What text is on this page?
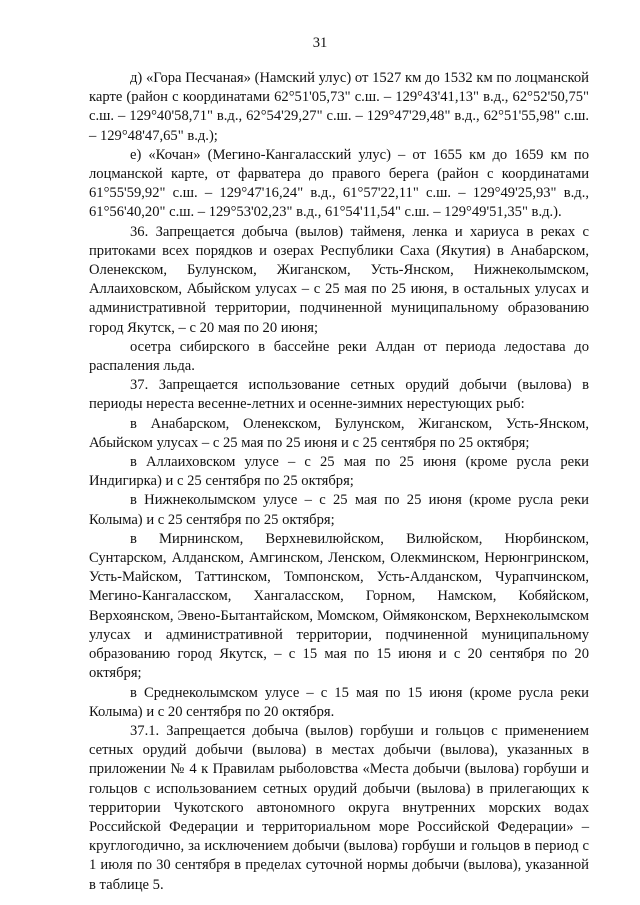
31

д) «Гора Песчаная» (Намский улус) от 1527 км до 1532 км по лоцманской карте (район с координатами 62°51'05,73" с.ш. – 129°43'41,13" в.д., 62°52'50,75" с.ш. – 129°40'58,71" в.д., 62°54'29,27" с.ш. – 129°47'29,48" в.д., 62°51'55,98" с.ш. – 129°48'47,65" в.д.);

е) «Кочан» (Мегино-Кангаласский улус) – от 1655 км до 1659 км по лоцманской карте, от фарватера до правого берега (район с координатами 61°55'59,92" с.ш. – 129°47'16,24" в.д., 61°57'22,11" с.ш. – 129°49'25,93" в.д., 61°56'40,20" с.ш. – 129°53'02,23" в.д., 61°54'11,54" с.ш. – 129°49'51,35" в.д.).

36. Запрещается добыча (вылов) тайменя, ленка и хариуса в реках с притоками всех порядков и озерах Республики Саха (Якутия) в Анабарском, Оленекском, Булунском, Жиганском, Усть-Янском, Нижнеколымском, Аллаиховском, Абыйском улусах – с 25 мая по 25 июня, в остальных улусах и административной территории, подчиненной муниципальному образованию город Якутск, – с 20 мая по 20 июня;

осетра сибирского в бассейне реки Алдан от периода ледостава до распаления льда.

37. Запрещается использование сетных орудий добычи (вылова) в периоды нереста весенне-летних и осенне-зимних нерестующих рыб:

в Анабарском, Оленекском, Булунском, Жиганском, Усть-Янском, Абыйском улусах – с 25 мая по 25 июня и с 25 сентября по 25 октября;

в Аллаиховском улусе – с 25 мая по 25 июня (кроме русла реки Индигирка) и с 25 сентября по 25 октября;

в Нижнеколымском улусе – с 25 мая по 25 июня (кроме русла реки Колыма) и с 25 сентября по 25 октября;

в Мирнинском, Верхневилюйском, Вилюйском, Нюрбинском, Сунтарском, Алданском, Амгинском, Ленском, Олекминском, Нерюнгринском, Усть-Майском, Таттинском, Томпонском, Усть-Алданском, Чурапчинском, Мегино-Кангаласском, Хангаласском, Горном, Намском, Кобяйском, Верхоянском, Эвено-Бытантайском, Момском, Оймяконском, Верхнеколымском улусах и административной территории, подчиненной муниципальному образованию город Якутск, – с 15 мая по 15 июня и с 20 сентября по 20 октября;

в Среднеколымском улусе – с 15 мая по 15 июня (кроме русла реки Колыма) и с 20 сентября по 20 октября.

37.1. Запрещается добыча (вылов) горбуши и гольцов с применением сетных орудий добычи (вылова) в местах добычи (вылова), указанных в приложении № 4 к Правилам рыболовства «Места добычи (вылова) горбуши и гольцов с использованием сетных орудий добычи (вылова) в прилегающих к территории Чукотского автономного округа внутренних морских водах Российской Федерации и территориальном море Российской Федерации» – круглогодично, за исключением добычи (вылова) горбуши и гольцов в период с 1 июля по 30 сентября в пределах суточной нормы добычи (вылова), указанной в таблице 5.
